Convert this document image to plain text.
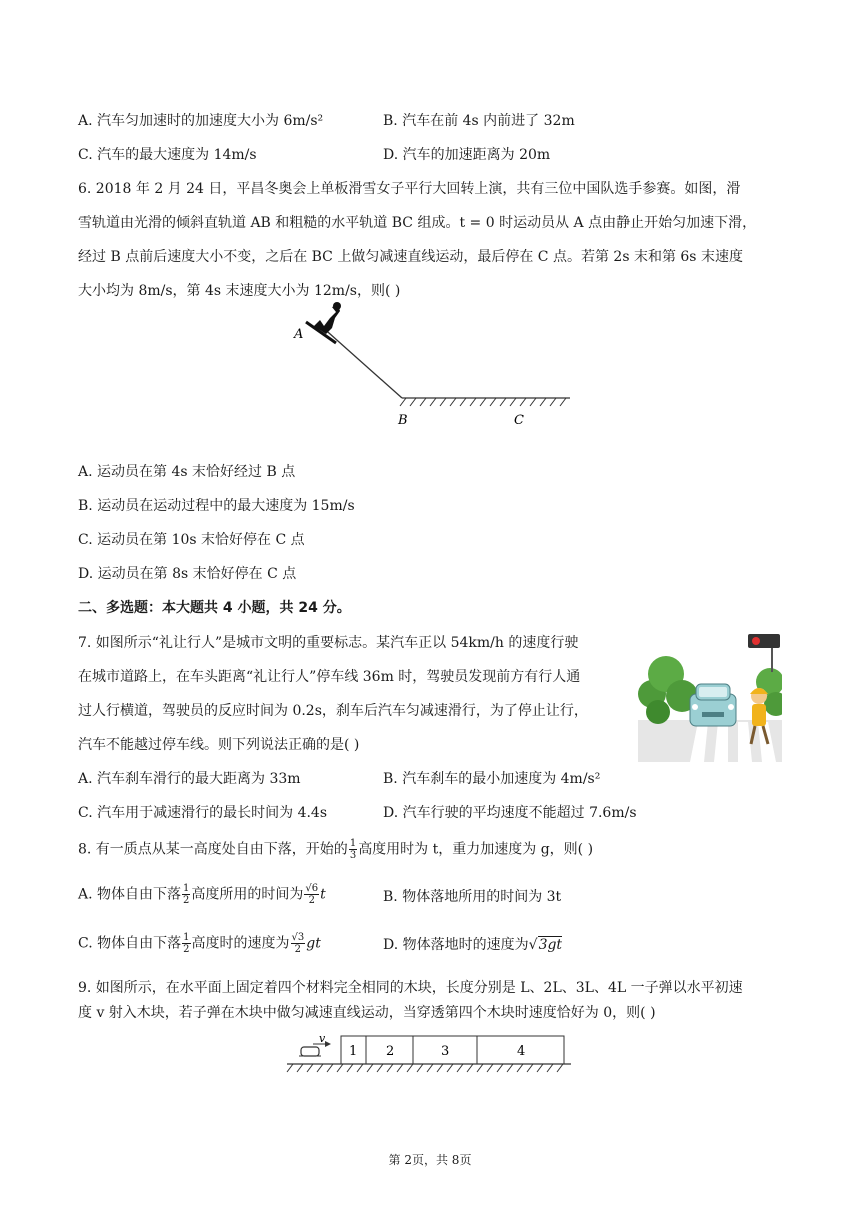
A. 汽车匀加速时的加速度大小为 6m/s²	B. 汽车在前 4s 内前进了 32m
C. 汽车的最大速度为 14m/s	D. 汽车的加速距离为 20m
6. 2018 年 2 月 24 日，平昌冬奥会上单板滑雪女子平行大回转上演，共有三位中国队选手参赛。如图，滑
雪轨道由光滑的倾斜直轨道 AB 和粗糙的水平轨道 BC 组成。t = 0 时运动员从 A 点由静止开始匀加速下滑，
经过 B 点前后速度大小不变，之后在 BC 上做匀减速直线运动，最后停在 C 点。若第 2s 末和第 6s 末速度
大小均为 8m/s，第 4s 末速度大小为 12m/s，则( )
A
B	C
A. 运动员在第 4s 末恰好经过 B 点
B. 运动员在运动过程中的最大速度为 15m/s
C. 运动员在第 10s 末恰好停在 C 点
D. 运动员在第 8s 末恰好停在 C 点
二、多选题：本大题共 4 小题，共 24 分。
7. 如图所示“礼让行人”是城市文明的重要标志。某汽车正以 54km/h 的速度行驶
在城市道路上，在车头距离“礼让行人”停车线 36m 时，驾驶员发现前方有行人通
过人行横道，驾驶员的反应时间为 0.2s，刹车后汽车匀减速滑行，为了停止让行，
汽车不能越过停车线。则下列说法正确的是( )
A. 汽车刹车滑行的最大距离为 33m	B. 汽车刹车的最小加速度为 4m/s²
C. 汽车用于减速滑行的最长时间为 4.4s	D. 汽车行驶的平均速度不能超过 7.6m/s
8. 有一质点从某一高度处自由下落，开始的 $\frac{1}{3}$ 高度用时为 t，重力加速度为 g，则( )
A. 物体自由下落 $\frac{1}{2}$ 高度所用的时间为 $\frac{√6}{2}$ t	B. 物体落地所用的时间为 3t
C. 物体自由下落 $\frac{1}{2}$ 高度时的速度为 $\frac{√3}{2}$ gt	D. 物体落地时的速度为√3gt
9. 如图所示，在水平面上固定着四个材料完全相同的木块，长度分别是 L、2L、3L、4L 一子弹以水平初速
度 v 射入木块，若子弹在木块中做匀减速直线运动，当穿透第四个木块时速度恰好为 0，则( )
v
1 2	3	4
第 2页，共 8页
